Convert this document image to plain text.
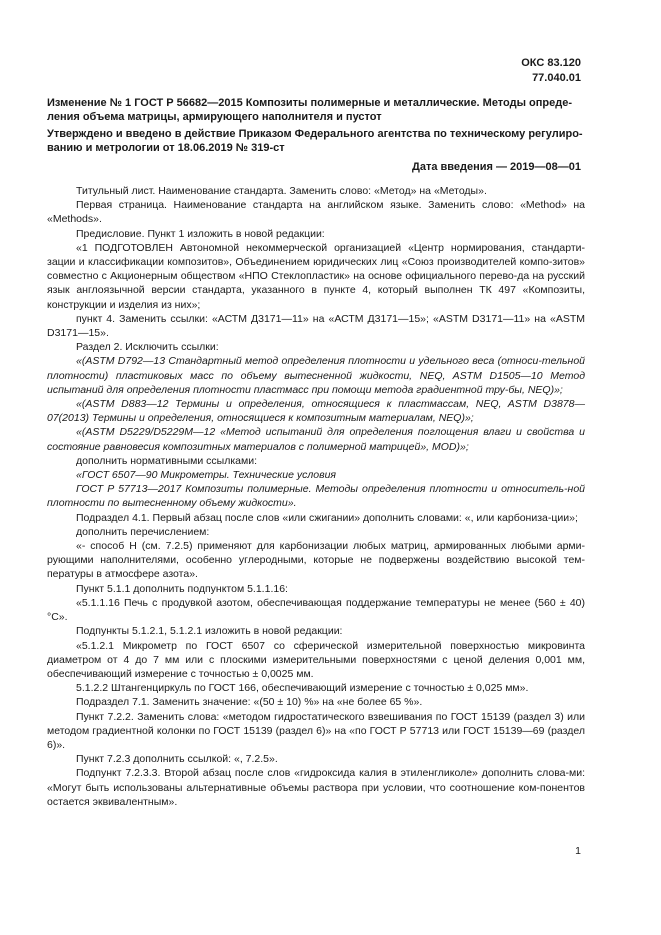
ОКС 83.120
77.040.01
Изменение № 1 ГОСТ Р 56682—2015 Композиты полимерные и металлические. Методы опреде-
ления объема матрицы, армирующего наполнителя и пустот
Утверждено и введено в действие Приказом Федерального агентства по техническому регулиро-
ванию и метрологии от 18.06.2019 № 319-ст
Дата введения — 2019—08—01

Титульный лист. Наименование стандарта. Заменить слово: «Метод» на «Методы».

Первая страница. Наименование стандарта на английском языке. Заменить слово: «Method» на «Methods».

Предисловие. Пункт 1 изложить в новой редакции:

«1 ПОДГОТОВЛЕН Автономной некоммерческой организацией «Центр нормирования, стандарти-зации и классификации композитов», Объединением юридических лиц «Союз производителей компо-зитов» совместно с Акционерным обществом «НПО Стеклопластик» на основе официального перево-да на русский язык англоязычной версии стандарта, указанного в пункте 4, который выполнен ТК 497 «Композиты, конструкции и изделия из них»;

пункт 4. Заменить ссылки: «АСТМ Д3171—11» на «АСТМ Д3171—15»; «ASTM D3171—11» на «ASTM D3171—15».

Раздел 2. Исключить ссылки:

«(ASTM D792—13 Стандартный метод определения плотности и удельного веса (относи-тельной плотности) пластиковых масс по объему вытесненной жидкости, NEQ, ASTM D1505—10 Метод испытаний для определения плотности пластмасс при помощи метода градиентной тру-бы, NEQ)»;

«(ASTM D883—12 Термины и определения, относящиеся к пластмассам, NEQ, ASTM D3878—07(2013) Термины и определения, относящиеся к композитным материалам, NEQ)»;

«(ASTM D5229/D5229M—12 «Метод испытаний для определения поглощения влаги и свойства и состояние равновесия композитных материалов с полимерной матрицей», MOD)»;

дополнить нормативными ссылками:

«ГОСТ 6507—90 Микрометры. Технические условия

ГОСТ Р 57713—2017 Композиты полимерные. Методы определения плотности и относитель-ной плотности по вытесненному объему жидкости».

Подраздел 4.1. Первый абзац после слов «или сжигании» дополнить словами: «, или карбониза-ции»;

дополнить перечислением:

«- способ Н (см. 7.2.5) применяют для карбонизации любых матриц, армированных любыми арми-рующими наполнителями, особенно углеродными, которые не подвержены воздействию высокой тем-пературы в атмосфере азота».

Пункт 5.1.1 дополнить подпунктом 5.1.1.16:

«5.1.1.16 Печь с продувкой азотом, обеспечивающая поддержание температуры не менее (560 ± 40) °С».

Подпункты 5.1.2.1, 5.1.2.1 изложить в новой редакции:

«5.1.2.1 Микрометр по ГОСТ 6507 со сферической измерительной поверхностью микровинта диаметром от 4 до 7 мм или с плоскими измерительными поверхностями с ценой деления 0,001 мм, обеспечивающий измерение с точностью ± 0,0025 мм.

5.1.2.2 Штангенциркуль по ГОСТ 166, обеспечивающий измерение с точностью ± 0,025 мм».

Подраздел 7.1. Заменить значение: «(50 ± 10) %» на «не более 65 %».

Пункт 7.2.2. Заменить слова: «методом гидростатического взвешивания по ГОСТ 15139 (раздел 3) или методом градиентной колонки по ГОСТ 15139 (раздел 6)» на «по ГОСТ Р 57713 или ГОСТ 15139—69 (раздел 6)».

Пункт 7.2.3 дополнить ссылкой: «, 7.2.5».

Подпункт 7.2.3.3. Второй абзац после слов «гидроксида калия в этиленгликоле» дополнить слова-ми: «Могут быть использованы альтернативные объемы раствора при условии, что соотношение ком-понентов остается эквивалентным».

1
